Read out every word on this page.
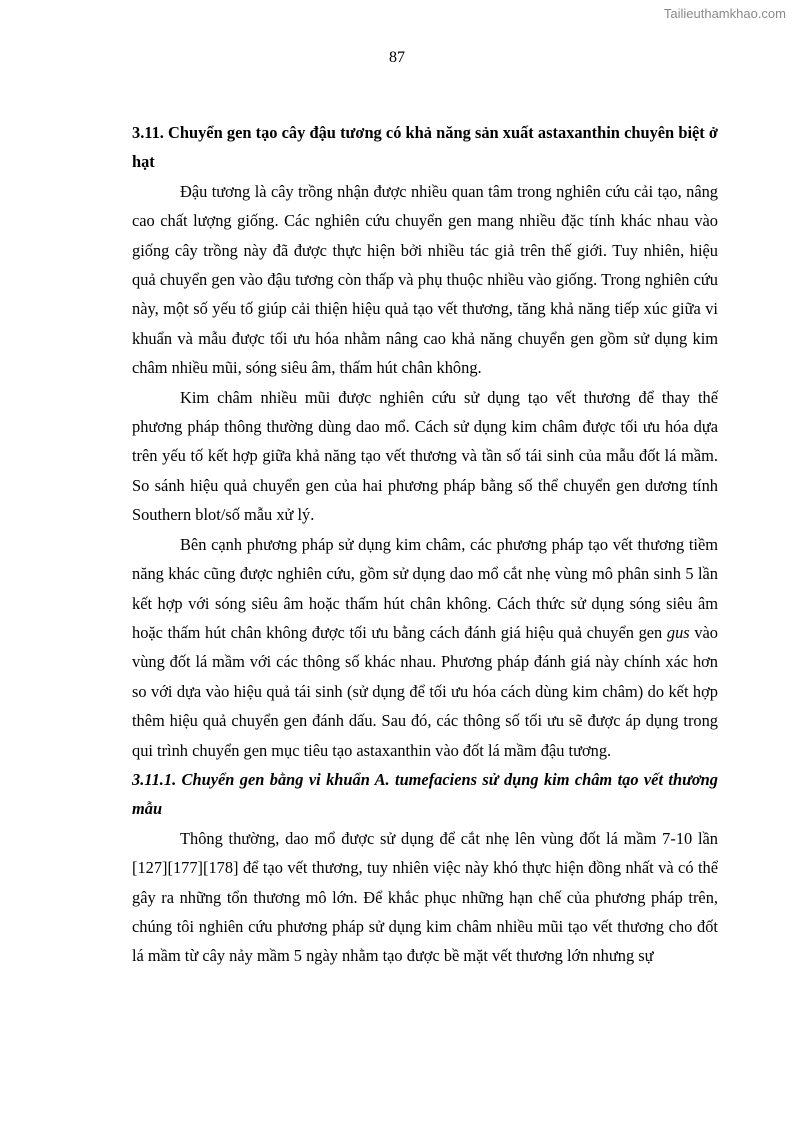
Tailieuthamkhao.com
87

3.11. Chuyển gen tạo cây đậu tương có khả năng sản xuất astaxanthin chuyên biệt ở hạt

Đậu tương là cây trồng nhận được nhiều quan tâm trong nghiên cứu cải tạo, nâng cao chất lượng giống. Các nghiên cứu chuyển gen mang nhiều đặc tính khác nhau vào giống cây trồng này đã được thực hiện bởi nhiều tác giả trên thế giới. Tuy nhiên, hiệu quả chuyển gen vào đậu tương còn thấp và phụ thuộc nhiều vào giống. Trong nghiên cứu này, một số yếu tố giúp cải thiện hiệu quả tạo vết thương, tăng khả năng tiếp xúc giữa vi khuẩn và mẫu được tối ưu hóa nhằm nâng cao khả năng chuyển gen gồm sử dụng kim châm nhiều mũi, sóng siêu âm, thấm hút chân không.

Kim châm nhiều mũi được nghiên cứu sử dụng tạo vết thương để thay thế phương pháp thông thường dùng dao mổ. Cách sử dụng kim châm được tối ưu hóa dựa trên yếu tố kết hợp giữa khả năng tạo vết thương và tần số tái sinh của mẫu đốt lá mầm. So sánh hiệu quả chuyển gen của hai phương pháp bằng số thể chuyển gen dương tính Southern blot/số mẫu xử lý.

Bên cạnh phương pháp sử dụng kim châm, các phương pháp tạo vết thương tiềm năng khác cũng được nghiên cứu, gồm sử dụng dao mổ cắt nhẹ vùng mô phân sinh 5 lần kết hợp với sóng siêu âm hoặc thấm hút chân không. Cách thức sử dụng sóng siêu âm hoặc thấm hút chân không được tối ưu bằng cách đánh giá hiệu quả chuyển gen gus vào vùng đốt lá mầm với các thông số khác nhau. Phương pháp đánh giá này chính xác hơn so với dựa vào hiệu quả tái sinh (sử dụng để tối ưu hóa cách dùng kim châm) do kết hợp thêm hiệu quả chuyển gen đánh dấu. Sau đó, các thông số tối ưu sẽ được áp dụng trong qui trình chuyển gen mục tiêu tạo astaxanthin vào đốt lá mầm đậu tương.

3.11.1. Chuyển gen bằng vi khuẩn A. tumefaciens sử dụng kim châm tạo vết thương mẫu

Thông thường, dao mổ được sử dụng để cắt nhẹ lên vùng đốt lá mầm 7-10 lần [127][177][178] để tạo vết thương, tuy nhiên việc này khó thực hiện đồng nhất và có thể gây ra những tổn thương mô lớn. Để khắc phục những hạn chế của phương pháp trên, chúng tôi nghiên cứu phương pháp sử dụng kim châm nhiều mũi tạo vết thương cho đốt lá mầm từ cây nảy mầm 5 ngày nhằm tạo được bề mặt vết thương lớn nhưng sự
